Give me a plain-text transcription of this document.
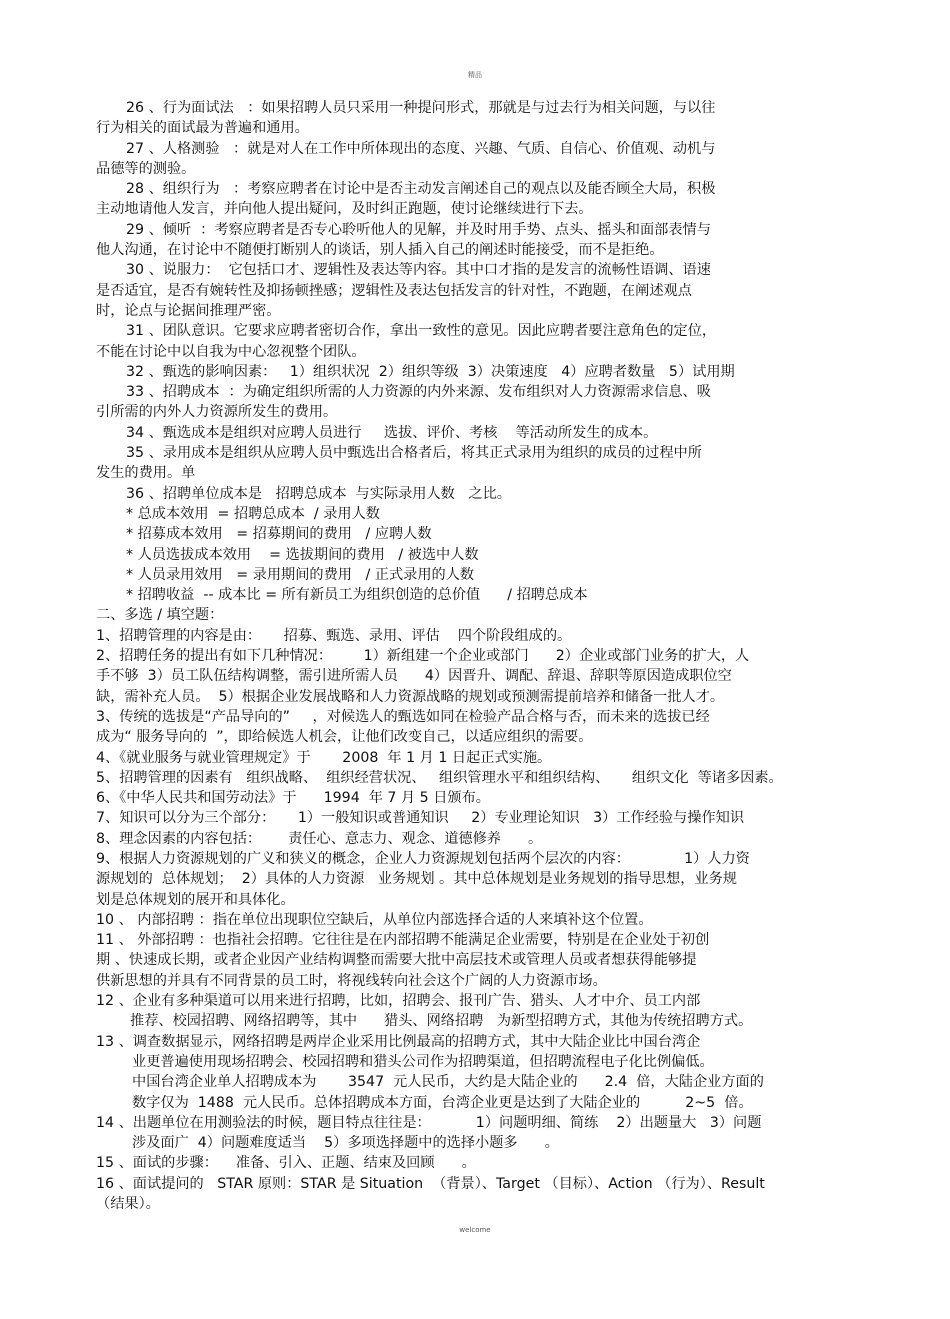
精品
26 、行为面试法   ：如果招聘人员只采用一种提问形式，那就是与过去行为相关问题，与以往
行为相关的面试最为普遍和通用。
27 、人格测验   ：就是对人在工作中所体现出的态度、兴趣、气质、自信心、价值观、动机与
品德等的测验。
28 、组织行为   ：考察应聘者在讨论中是否主动发言阐述自己的观点以及能否顾全大局，积极
主动地请他人发言，并向他人提出疑问，及时纠正跑题，使讨论继续进行下去。
29 、倾听  ：考察应聘者是否专心聆听他人的见解，并及时用手势、点头、摇头和面部表情与
他人沟通，在讨论中不随便打断别人的谈话，别人插入自己的阐述时能接受，而不是拒绝。
30 、说服力：  它包括口才、逻辑性及表达等内容。其中口才指的是发言的流畅性语调、语速
是否适宜，是否有婉转性及抑扬顿挫感；逻辑性及表达包括发言的针对性，不跑题，在阐述观点
时，论点与论据间推理严密。
31 、团队意识。它要求应聘者密切合作，拿出一致性的意见。因此应聘者要注意角色的定位，
不能在讨论中以自我为中心忽视整个团队。
32 、甄选的影响因素：   1）组织状况  2）组织等级  3）决策速度   4）应聘者数量   5）试用期
33 、招聘成本  ：为确定组织所需的人力资源的内外来源、发布组织对人力资源需求信息、吸
引所需的内外人力资源所发生的费用。
34 、甄选成本是组织对应聘人员进行     选拔、评价、考核    等活动所发生的成本。
35 、录用成本是组织从应聘人员中甄选出合格者后，将其正式录用为组织的成员的过程中所
发生的费用。单
36 、招聘单位成本是   招聘总成本  与实际录用人数   之比。
* 总成本效用  = 招聘总成本  / 录用人数
* 招募成本效用   = 招募期间的费用   / 应聘人数
* 人员选拔成本效用    = 选拔期间的费用   / 被选中人数
* 人员录用效用   = 录用期间的费用   / 正式录用的人数
* 招聘收益  -- 成本比 = 所有新员工为组织创造的总价值      / 招聘总成本
二、多选 / 填空题：
1、招聘管理的内容是由：     招募、甄选、录用、评估    四个阶段组成的。
2、招聘任务的提出有如下几种情况：       1）新组建一个企业或部门      2）企业或部门业务的扩大，人
手不够  3）员工队伍结构调整，需引进所需人员      4）因晋升、调配、辞退、辞职等原因造成职位空
缺，需补充人员。  5）根据企业发展战略和人力资源战略的规划或预测需提前培养和储备一批人才。
3、传统的选拔是“产品导向的”     ，对候选人的甄选如同在检验产品合格与否，而未来的选拔已经
成为“ 服务导向的  ”，即给候选人机会，让他们改变自己，以适应组织的需要。
4、《就业服务与就业管理规定》于       2008  年 1 月 1 日起正式实施。
5、招聘管理的因素有   组织战略、  组织经营状况、   组织管理水平和组织结构、     组织文化  等诸多因素。
6、《中华人民共和国劳动法》于      1994  年 7 月 5 日颁布。
7、知识可以分为三个部分：     1）一般知识或普通知识     2）专业理论知识   3）工作经验与操作知识
8、理念因素的内容包括：      责任心、意志力、观念、道德修养      。
9、根据人力资源规划的广义和狭义的概念，企业人力资源规划包括两个层次的内容：            1）人力资
源规划的  总体规划；  2）具体的人力资源   业务规划 。其中总体规划是业务规划的指导思想，业务规
划是总体规划的展开和具体化。
10 、 内部招聘 ：指在单位出现职位空缺后，从单位内部选择合适的人来填补这个位置。
11 、 外部招聘 ：也指社会招聘。它往往是在内部招聘不能满足企业需要，特别是在企业处于初创
期 、快速成长期，或者企业因产业结构调整而需要大批中高层技术或管理人员或者想获得能够提
供新思想的并具有不同背景的员工时，将视线转向社会这个广阔的人力资源市场。
12 、企业有多种渠道可以用来进行招聘，比如，招聘会、报刊广告、猎头、人才中介、员工内部
推荐、校园招聘、网络招聘等，其中      猎头、网络招聘   为新型招聘方式，其他为传统招聘方式。
13 、调查数据显示，网络招聘是两岸企业采用比例最高的招聘方式，其中大陆企业比中国台湾企
业更普遍使用现场招聘会、校园招聘和猎头公司作为招聘渠道，但招聘流程电子化比例偏低。
中国台湾企业单人招聘成本为       3547  元人民币，大约是大陆企业的      2.4  倍，大陆企业方面的
数字仅为  1488  元人民币。总体招聘成本方面，台湾企业更是达到了大陆企业的          2~5  倍。
14 、出题单位在用测验法的时候，题目特点往往是：          1）问题明细、简练    2）出题量大   3）问题
涉及面广  4）问题难度适当    5）多项选择题中的选择小题多      。
15 、面试的步骤：    准备、引入、正题、结束及回顾      。
16 、面试提问的   STAR 原则：STAR 是 Situation  （背景）、Target （目标）、Action （行为）、Result
（结果）。
welcome
